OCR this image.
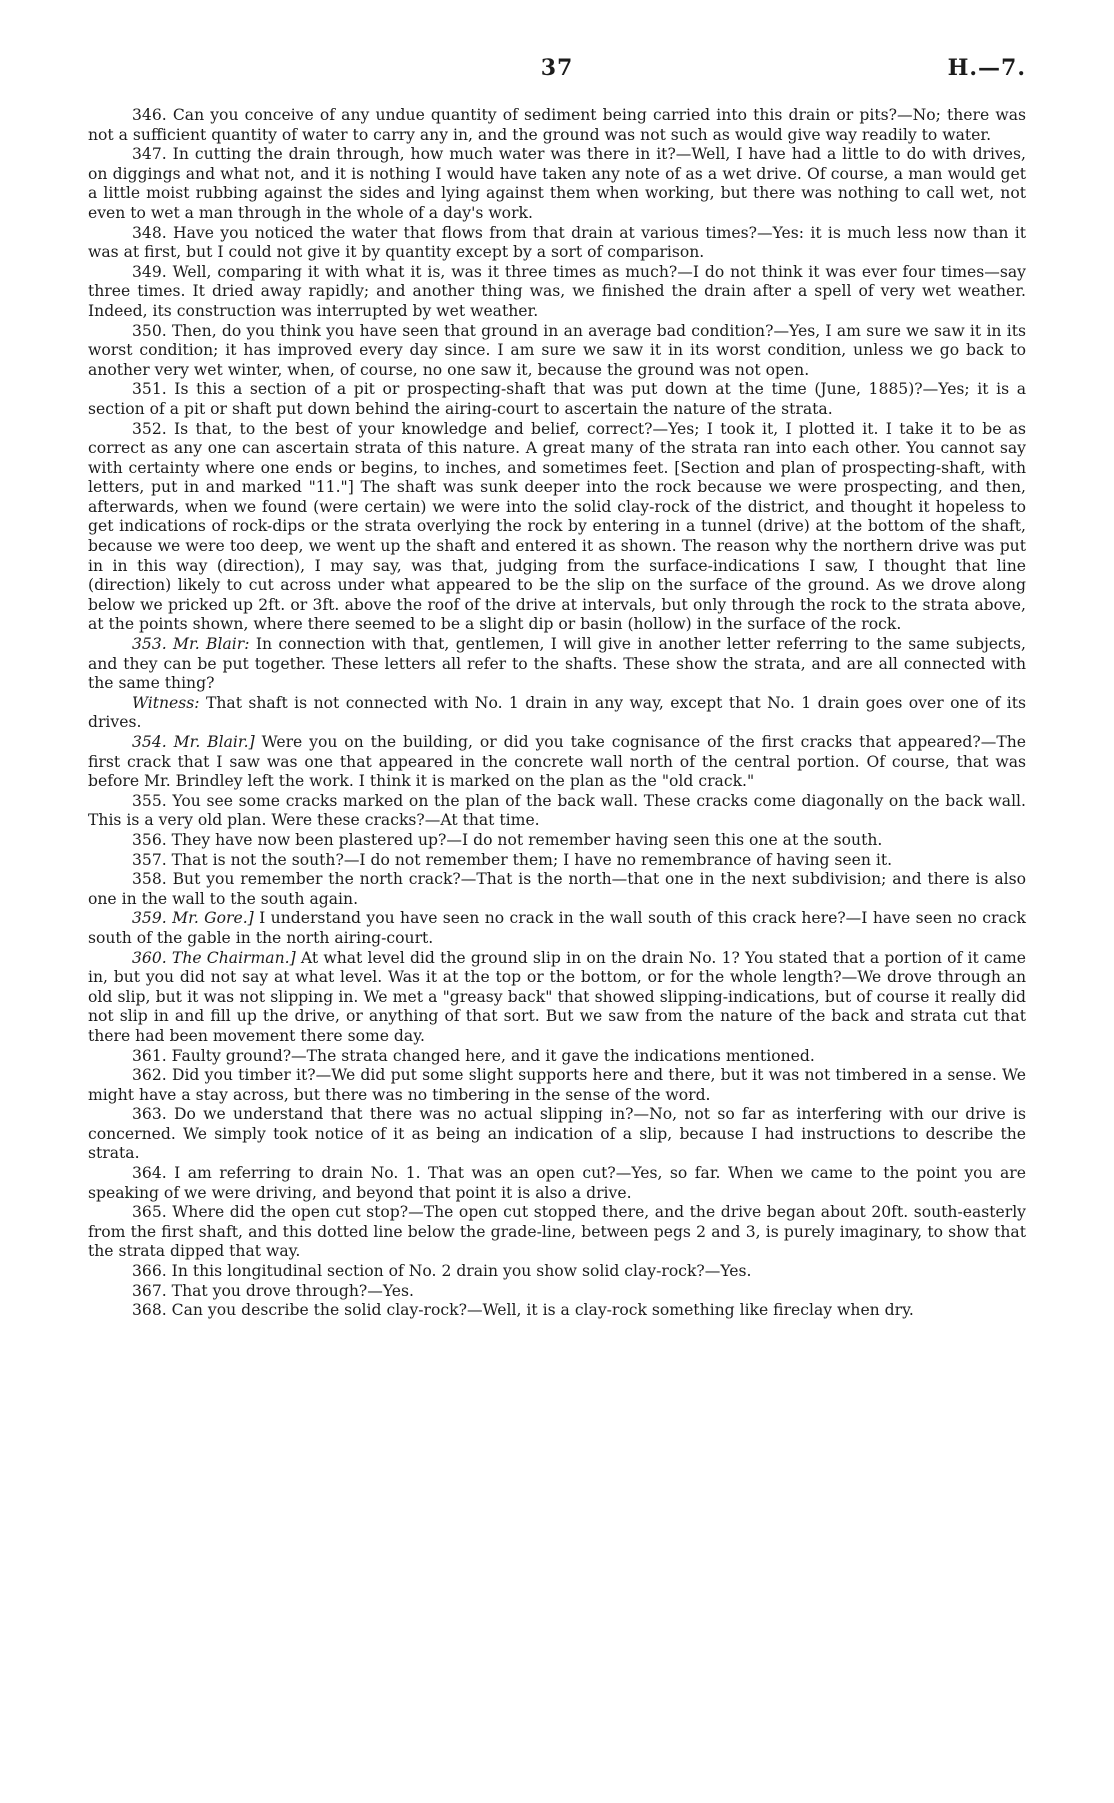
37	H.—7.

346. Can you conceive of any undue quantity of sediment being carried into this drain or pits?—No; there was not a sufficient quantity of water to carry any in, and the ground was not such as would give way readily to water.

347. In cutting the drain through, how much water was there in it?—Well, I have had a little to do with drives, on diggings and what not, and it is nothing I would have taken any note of as a wet drive. Of course, a man would get a little moist rubbing against the sides and lying against them when working, but there was nothing to call wet, not even to wet a man through in the whole of a day's work.

348. Have you noticed the water that flows from that drain at various times?—Yes: it is much less now than it was at first, but I could not give it by quantity except by a sort of comparison.

349. Well, comparing it with what it is, was it three times as much?—I do not think it was ever four times—say three times. It dried away rapidly; and another thing was, we finished the drain after a spell of very wet weather. Indeed, its construction was interrupted by wet weather.

350. Then, do you think you have seen that ground in an average bad condition?—Yes, I am sure we saw it in its worst condition; it has improved every day since. I am sure we saw it in its worst condition, unless we go back to another very wet winter, when, of course, no one saw it, because the ground was not open.

351. Is this a section of a pit or prospecting-shaft that was put down at the time (June, 1885)?—Yes; it is a section of a pit or shaft put down behind the airing-court to ascertain the nature of the strata.

352. Is that, to the best of your knowledge and belief, correct?—Yes; I took it, I plotted it. I take it to be as correct as any one can ascertain strata of this nature. A great many of the strata ran into each other. You cannot say with certainty where one ends or begins, to inches, and sometimes feet. [Section and plan of prospecting-shaft, with letters, put in and marked "11."] The shaft was sunk deeper into the rock because we were prospecting, and then, afterwards, when we found (were certain) we were into the solid clay-rock of the district, and thought it hopeless to get indications of rock-dips or the strata overlying the rock by entering in a tunnel (drive) at the bottom of the shaft, because we were too deep, we went up the shaft and entered it as shown. The reason why the northern drive was put in in this way (direction), I may say, was that, judging from the surface-indications I saw, I thought that line (direction) likely to cut across under what appeared to be the slip on the surface of the ground. As we drove along below we pricked up 2ft. or 3ft. above the roof of the drive at intervals, but only through the rock to the strata above, at the points shown, where there seemed to be a slight dip or basin (hollow) in the surface of the rock.

353. Mr. Blair: In connection with that, gentlemen, I will give in another letter referring to the same subjects, and they can be put together. These letters all refer to the shafts. These show the strata, and are all connected with the same thing?

Witness: That shaft is not connected with No. 1 drain in any way, except that No. 1 drain goes over one of its drives.

354. Mr. Blair.] Were you on the building, or did you take cognisance of the first cracks that appeared?—The first crack that I saw was one that appeared in the concrete wall north of the central portion. Of course, that was before Mr. Brindley left the work. I think it is marked on the plan as the "old crack."

355. You see some cracks marked on the plan of the back wall. These cracks come diagonally on the back wall. This is a very old plan. Were these cracks?—At that time.

356. They have now been plastered up?—I do not remember having seen this one at the south.

357. That is not the south?—I do not remember them; I have no remembrance of having seen it.

358. But you remember the north crack?—That is the north—that one in the next subdivision; and there is also one in the wall to the south again.

359. Mr. Gore.] I understand you have seen no crack in the wall south of this crack here?—I have seen no crack south of the gable in the north airing-court.

360. The Chairman.] At what level did the ground slip in on the drain No. 1? You stated that a portion of it came in, but you did not say at what level. Was it at the top or the bottom, or for the whole length?—We drove through an old slip, but it was not slipping in. We met a "greasy back" that showed slipping-indications, but of course it really did not slip in and fill up the drive, or anything of that sort. But we saw from the nature of the back and strata cut that there had been movement there some day.

361. Faulty ground?—The strata changed here, and it gave the indications mentioned.

362. Did you timber it?—We did put some slight supports here and there, but it was not timbered in a sense. We might have a stay across, but there was no timbering in the sense of the word.

363. Do we understand that there was no actual slipping in?—No, not so far as interfering with our drive is concerned. We simply took notice of it as being an indication of a slip, because I had instructions to describe the strata.

364. I am referring to drain No. 1. That was an open cut?—Yes, so far. When we came to the point you are speaking of we were driving, and beyond that point it is also a drive.

365. Where did the open cut stop?—The open cut stopped there, and the drive began about 20ft. south-easterly from the first shaft, and this dotted line below the grade-line, between pegs 2 and 3, is purely imaginary, to show that the strata dipped that way.

366. In this longitudinal section of No. 2 drain you show solid clay-rock?—Yes.

367. That you drove through?—Yes.

368. Can you describe the solid clay-rock?—Well, it is a clay-rock something like fireclay when dry.
